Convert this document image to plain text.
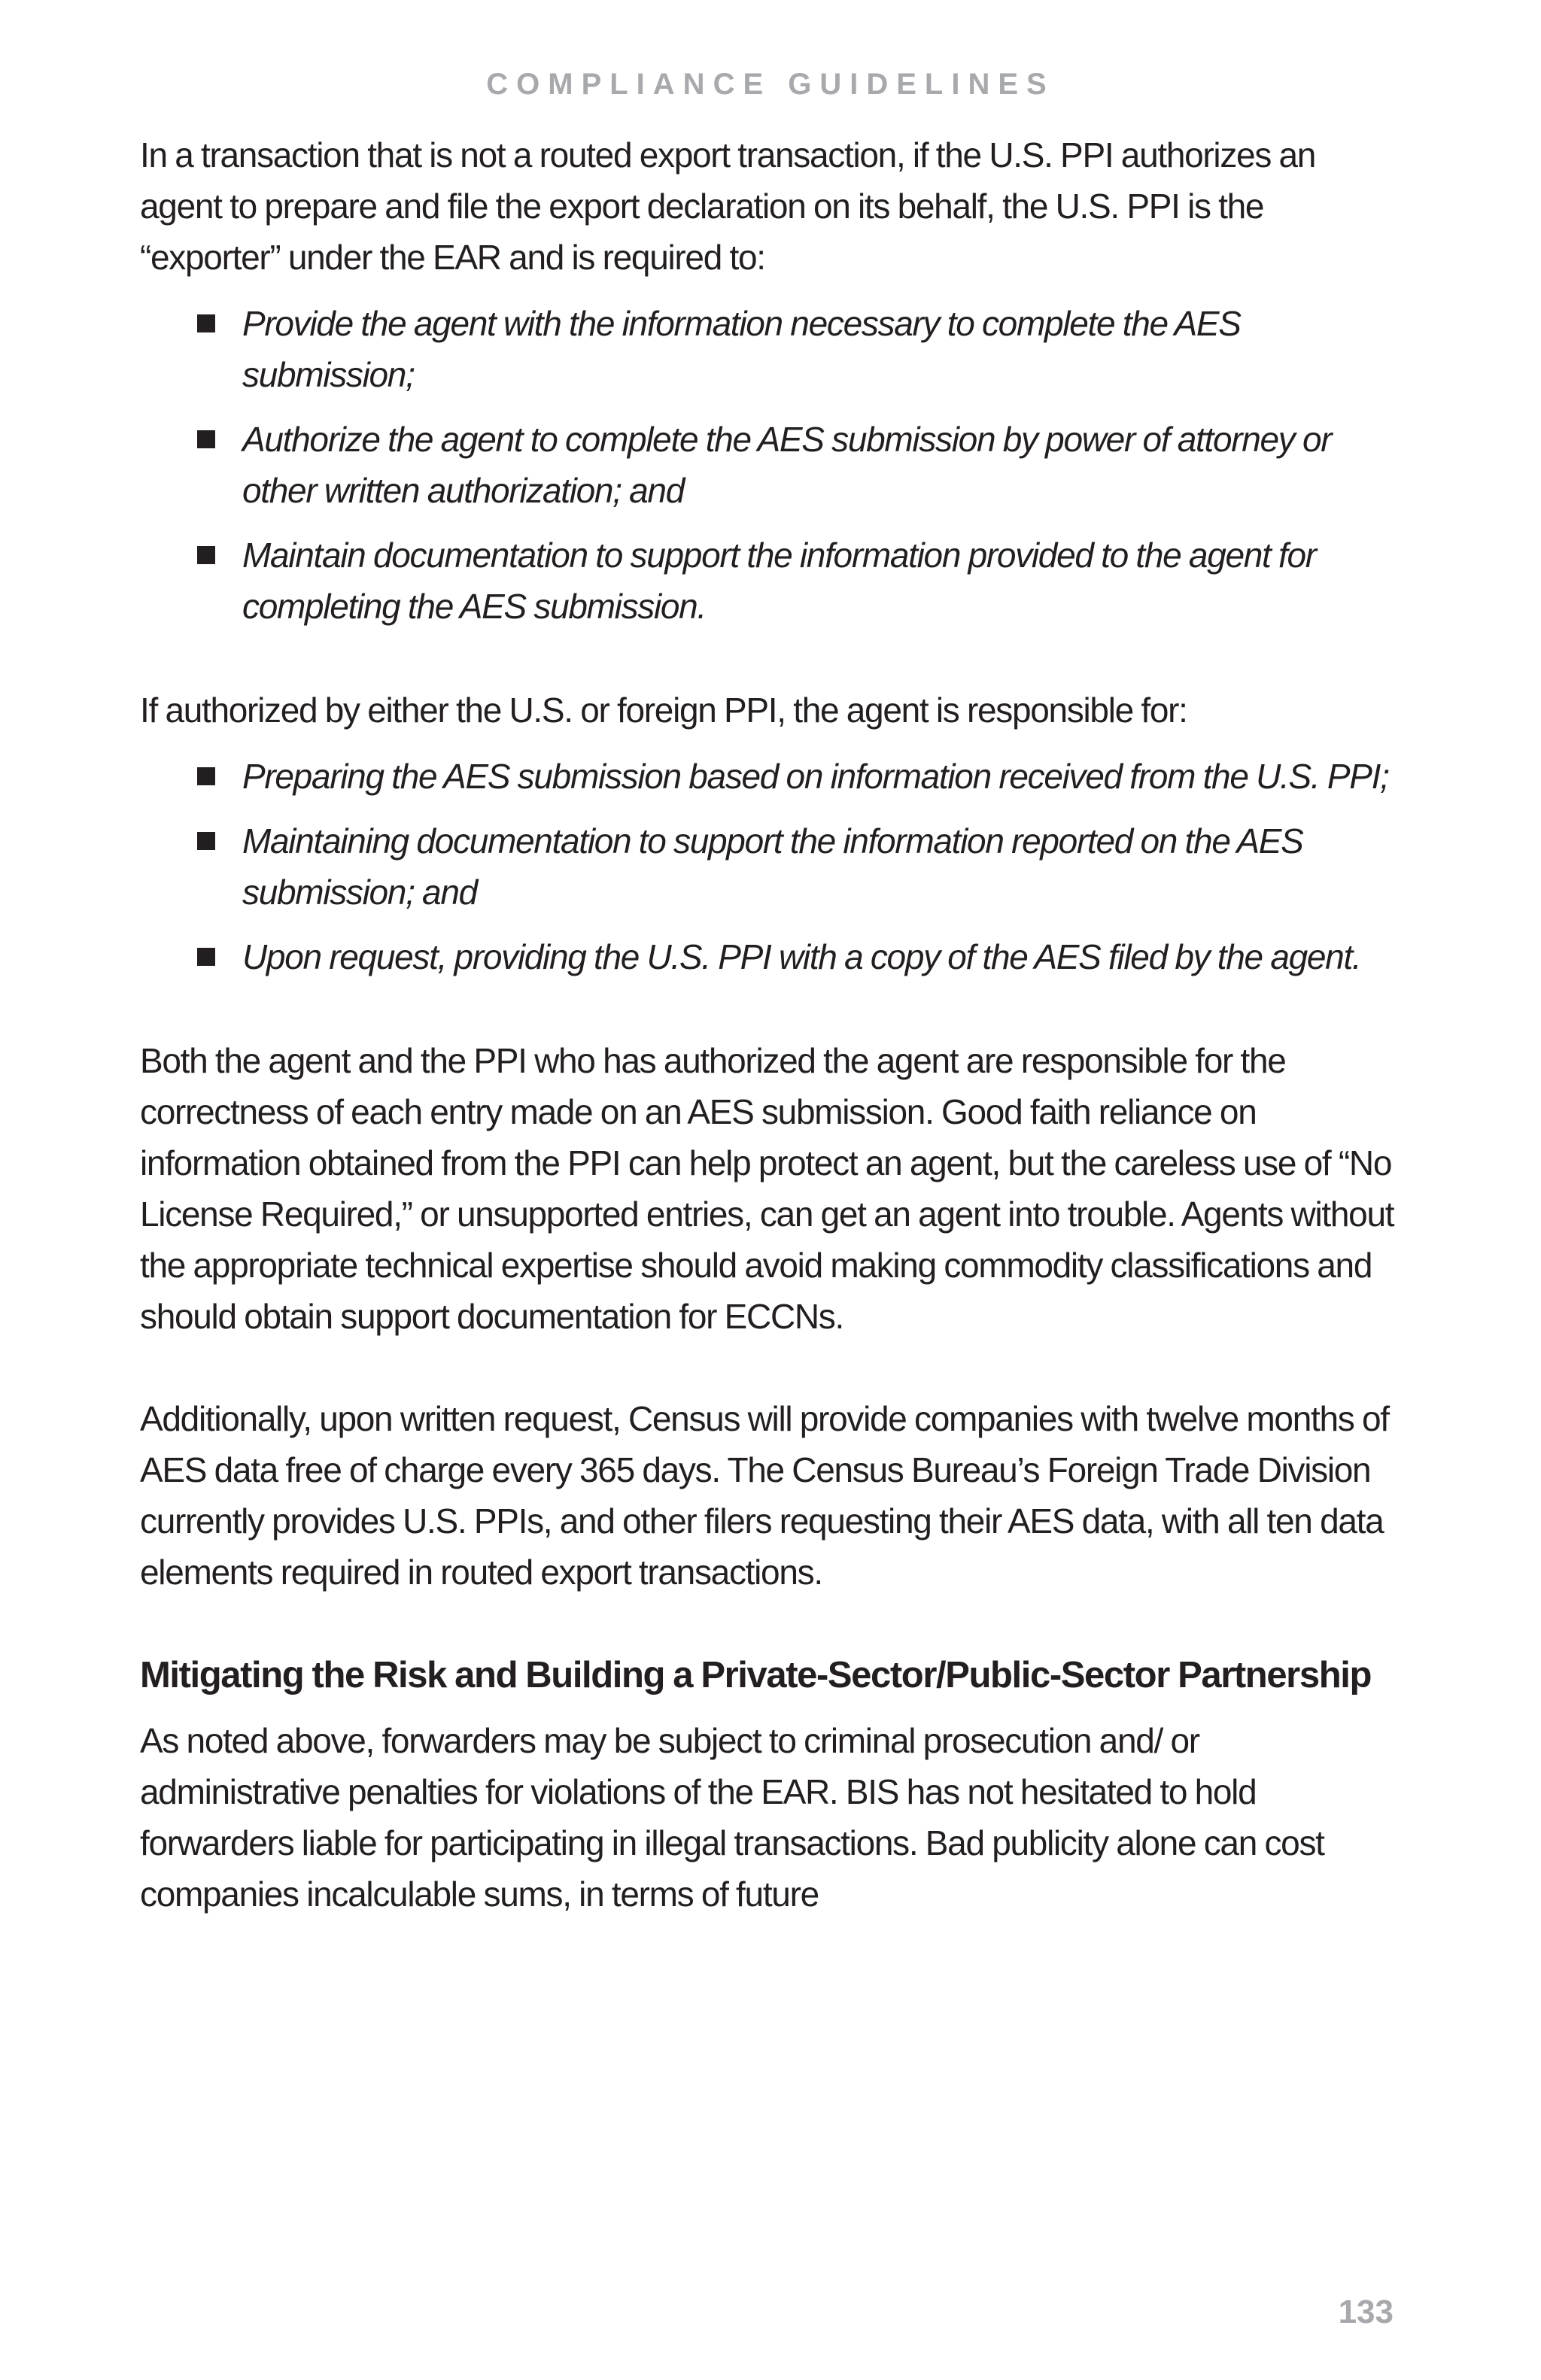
COMPLIANCE GUIDELINES

In a transaction that is not a routed export transaction, if the U.S. PPI authorizes an agent to prepare and file the export declaration on its behalf, the U.S. PPI is the “exporter” under the EAR and is required to:

Provide the agent with the information necessary to complete the AES submission;
Authorize the agent to complete the AES submission by power of attorney or other written authorization; and
Maintain documentation to support the information provided to the agent for completing the AES submission.

If authorized by either the U.S. or foreign PPI, the agent is responsible for:

Preparing the AES submission based on information received from the U.S. PPI;
Maintaining documentation to support the information reported on the AES submission; and
Upon request, providing the U.S. PPI with a copy of the AES filed by the agent.

Both the agent and the PPI who has authorized the agent are responsible for the correctness of each entry made on an AES submission. Good faith reliance on information obtained from the PPI can help protect an agent, but the careless use of “No License Required,” or unsupported entries, can get an agent into trouble. Agents without the appropriate technical expertise should avoid making commodity classifications and should obtain support documentation for ECCNs.

Additionally, upon written request, Census will provide companies with twelve months of AES data free of charge every 365 days. The Census Bureau’s Foreign Trade Division currently provides U.S. PPIs, and other filers requesting their AES data, with all ten data elements required in routed export transactions.

Mitigating the Risk and Building a Private-Sector/Public-Sector Partnership

As noted above, forwarders may be subject to criminal prosecution and/ or administrative penalties for violations of the EAR. BIS has not hesitated to hold forwarders liable for participating in illegal transactions. Bad publicity alone can cost companies incalculable sums, in terms of future

133
